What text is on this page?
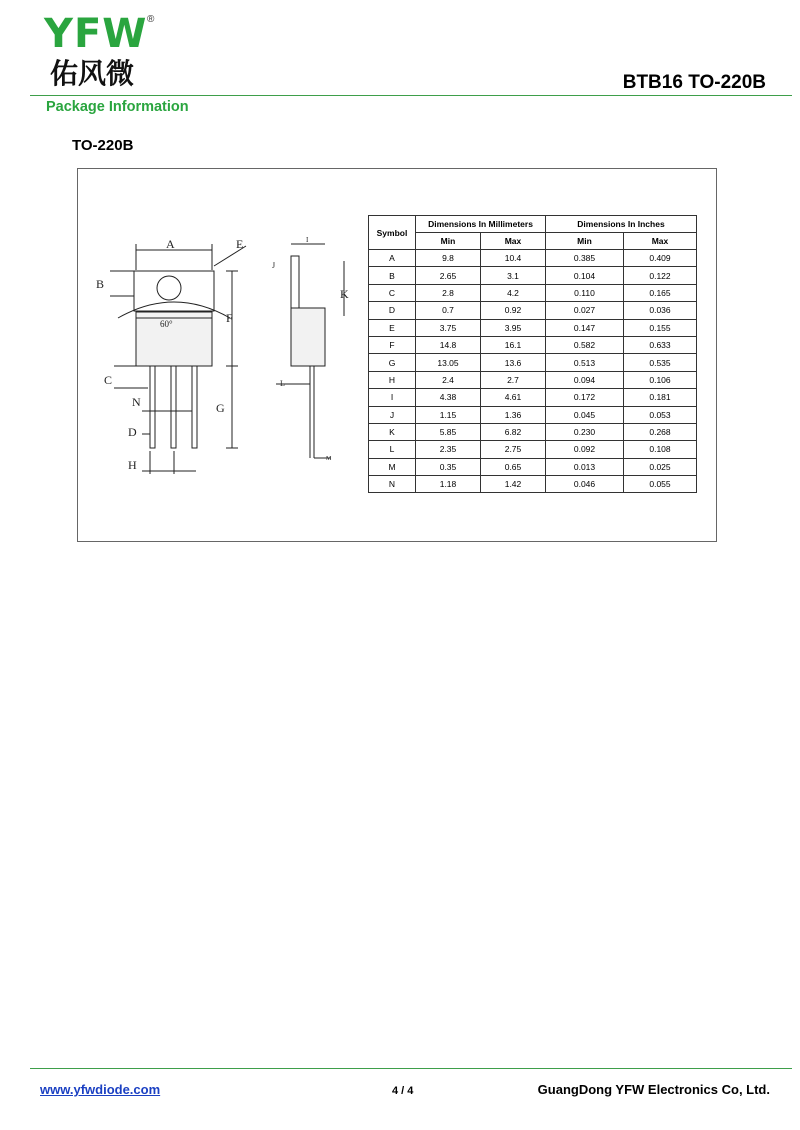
YFW ®
佑风微	BTB16 TO-220B
Package Information
TO-220B
A
B
E
F
C
G
N
D
H
60°
I
J
K
L
M
Symbol	Dimensions In Millimeters		Dimensions In Inches	
	Min	Max	Min	Max
A	9.8	10.4	0.385	0.409
B	2.65	3.1	0.104	0.122
C	2.8	4.2	0.110	0.165
D	0.7	0.92	0.027	0.036
E	3.75	3.95	0.147	0.155
F	14.8	16.1	0.582	0.633
G	13.05	13.6	0.513	0.535
H	2.4	2.7	0.094	0.106
I	4.38	4.61	0.172	0.181
J	1.15	1.36	0.045	0.053
K	5.85	6.82	0.230	0.268
L	2.35	2.75	0.092	0.108
M	0.35	0.65	0.013	0.025
N	1.18	1.42	0.046	0.055
www.yfwdiode.com	4 / 4	GuangDong YFW Electronics Co, Ltd.
